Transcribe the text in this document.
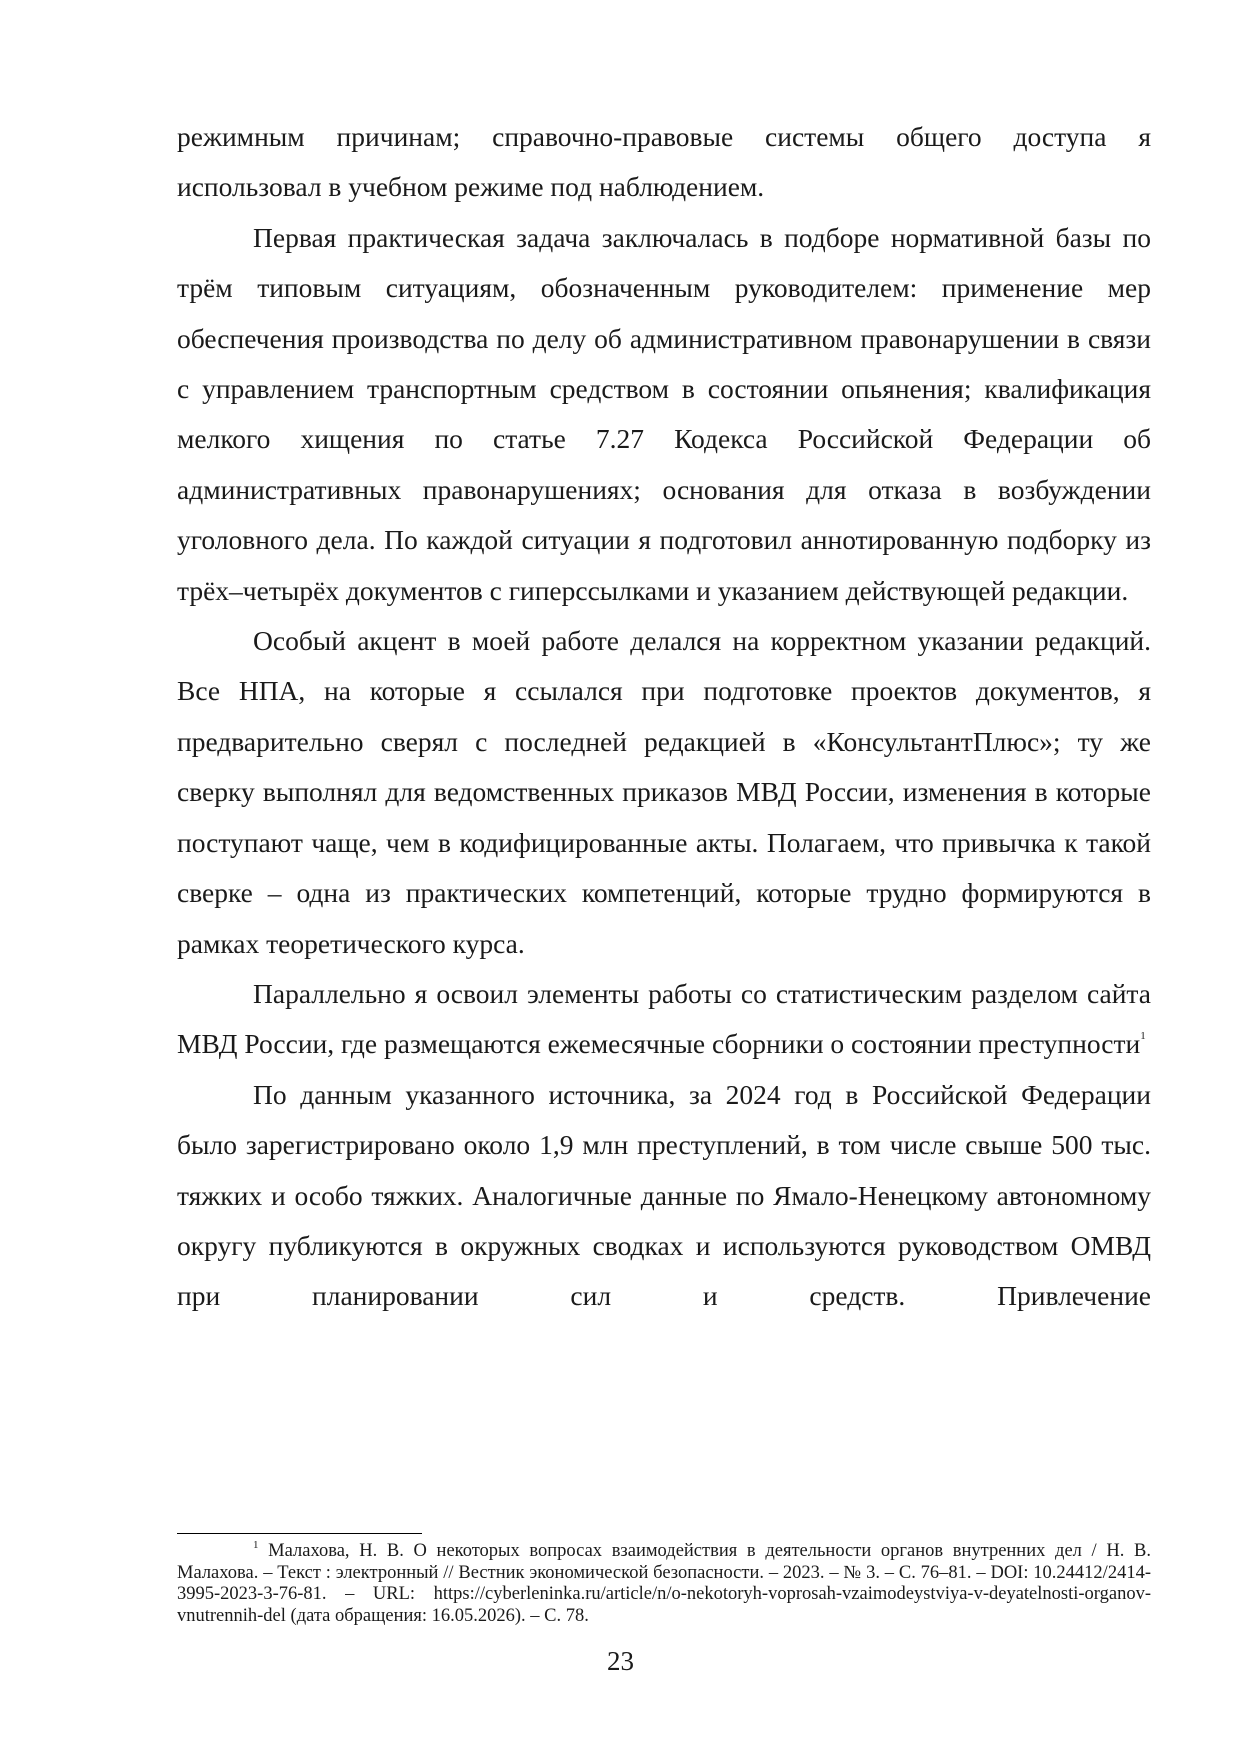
режимным причинам; справочно-правовые системы общего доступа я использовал в учебном режиме под наблюдением.

Первая практическая задача заключалась в подборе нормативной базы по трём типовым ситуациям, обозначенным руководителем: применение мер обеспечения производства по делу об административном правонарушении в связи с управлением транспортным средством в состоянии опьянения; квалификация мелкого хищения по статье 7.27 Кодекса Российской Федерации об административных правонарушениях; основания для отказа в возбуждении уголовного дела. По каждой ситуации я подготовил аннотированную подборку из трёх–четырёх документов с гиперссылками и указанием действующей редакции.

Особый акцент в моей работе делался на корректном указании редакций. Все НПА, на которые я ссылался при подготовке проектов документов, я предварительно сверял с последней редакцией в «КонсультантПлюс»; ту же сверку выполнял для ведомственных приказов МВД России, изменения в которые поступают чаще, чем в кодифицированные акты. Полагаем, что привычка к такой сверке – одна из практических компетенций, которые трудно формируются в рамках теоретического курса.

Параллельно я освоил элементы работы со статистическим разделом сайта МВД России, где размещаются ежемесячные сборники о состоянии преступности$^1$

По данным указанного источника, за 2024 год в Российской Федерации было зарегистрировано около 1,9 млн преступлений, в том числе свыше 500 тыс. тяжких и особо тяжких. Аналогичные данные по Ямало-Ненецкому автономному округу публикуются в окружных сводках и используются руководством ОМВД при планировании сил и средств. Привлечение

$^1$ Малахова, Н. В. О некоторых вопросах взаимодействия в деятельности органов внутренних дел / Н. В. Малахова. – Текст : электронный // Вестник экономической безопасности. – 2023. – № 3. – С. 76–81. – DOI: 10.24412/2414-3995-2023-3-76-81. – URL: https://cyberleninka.ru/article/n/o-nekotoryh-voprosah-vzaimodeystviya-v-deyatelnosti-organov-vnutrennih-del (дата обращения: 16.05.2026). – С. 78.

23
